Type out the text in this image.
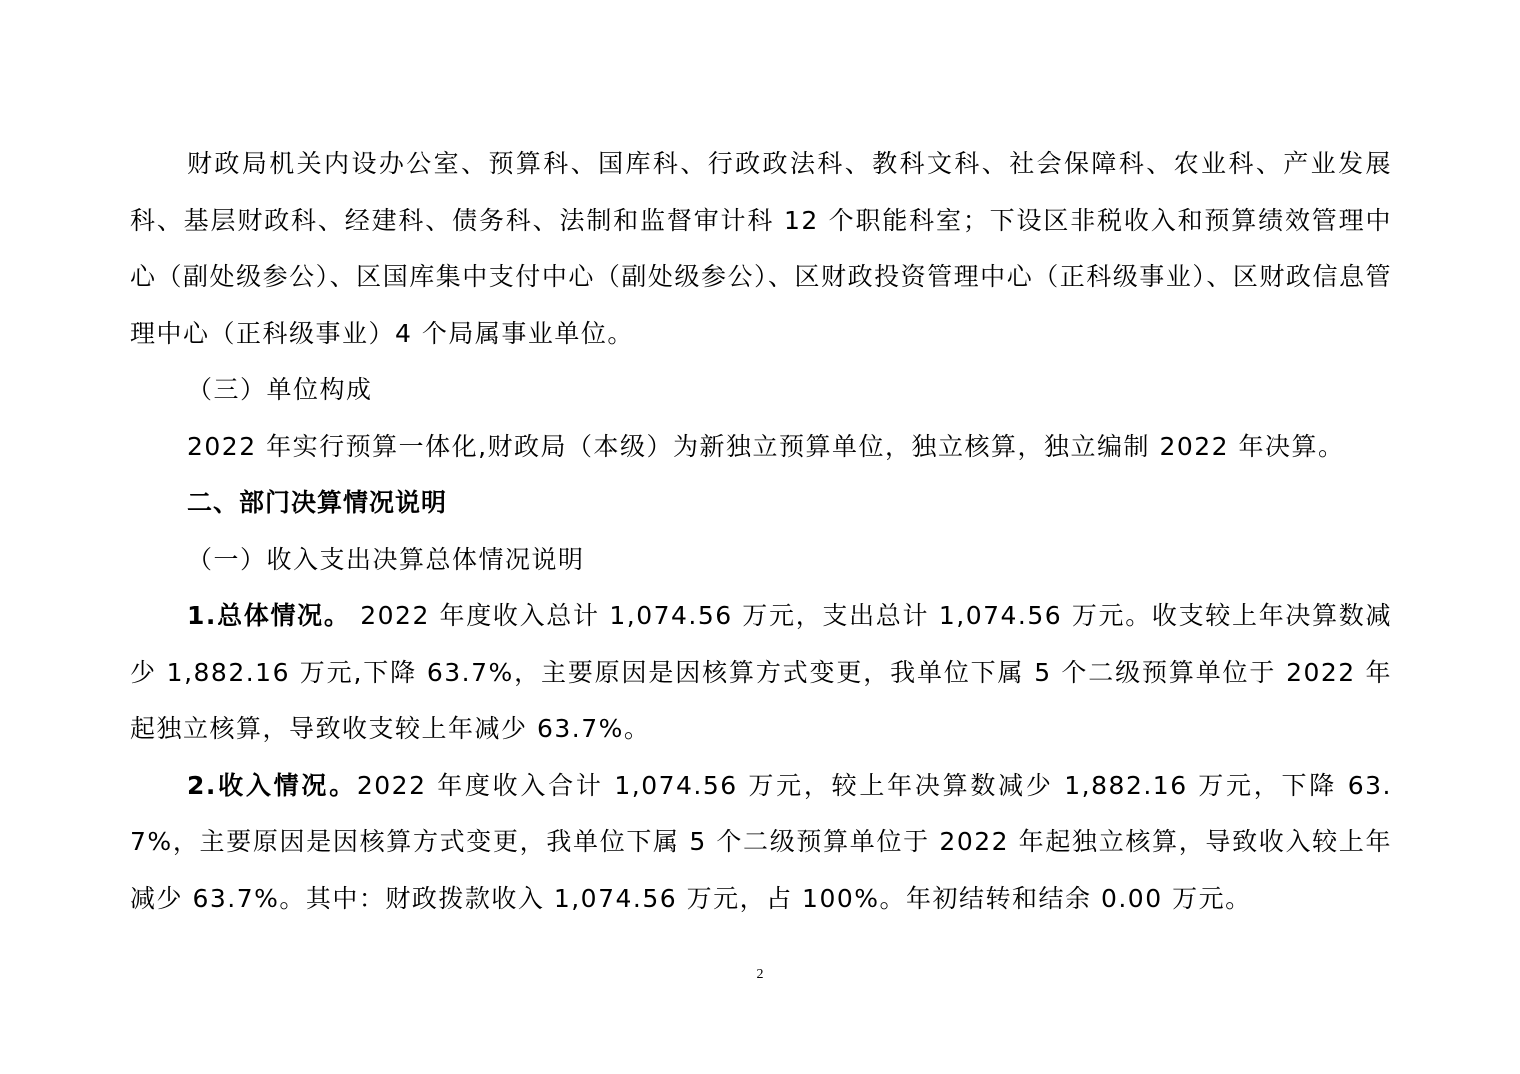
财政局机关内设办公室、预算科、国库科、行政政法科、教科文科、社会保障科、农业科、产业发展科、基层财政科、经建科、债务科、法制和监督审计科 12 个职能科室；下设区非税收入和预算绩效管理中心（副处级参公）、区国库集中支付中心（副处级参公）、区财政投资管理中心（正科级事业）、区财政信息管理中心（正科级事业）4 个局属事业单位。

（三）单位构成

2022 年实行预算一体化,财政局（本级）为新独立预算单位，独立核算，独立编制 2022 年决算。

二、部门决算情况说明

（一）收入支出决算总体情况说明

1.总体情况。 2022 年度收入总计 1,074.56 万元，支出总计 1,074.56 万元。收支较上年决算数减少 1,882.16 万元,下降 63.7%，主要原因是因核算方式变更，我单位下属 5 个二级预算单位于 2022 年起独立核算，导致收支较上年减少 63.7%。

2.收入情况。2022 年度收入合计 1,074.56 万元，较上年决算数减少 1,882.16 万元，下降 63.7%，主要原因是因核算方式变更，我单位下属 5 个二级预算单位于 2022 年起独立核算，导致收入较上年减少 63.7%。其中：财政拨款收入 1,074.56 万元，占 100%。年初结转和结余 0.00 万元。

2
